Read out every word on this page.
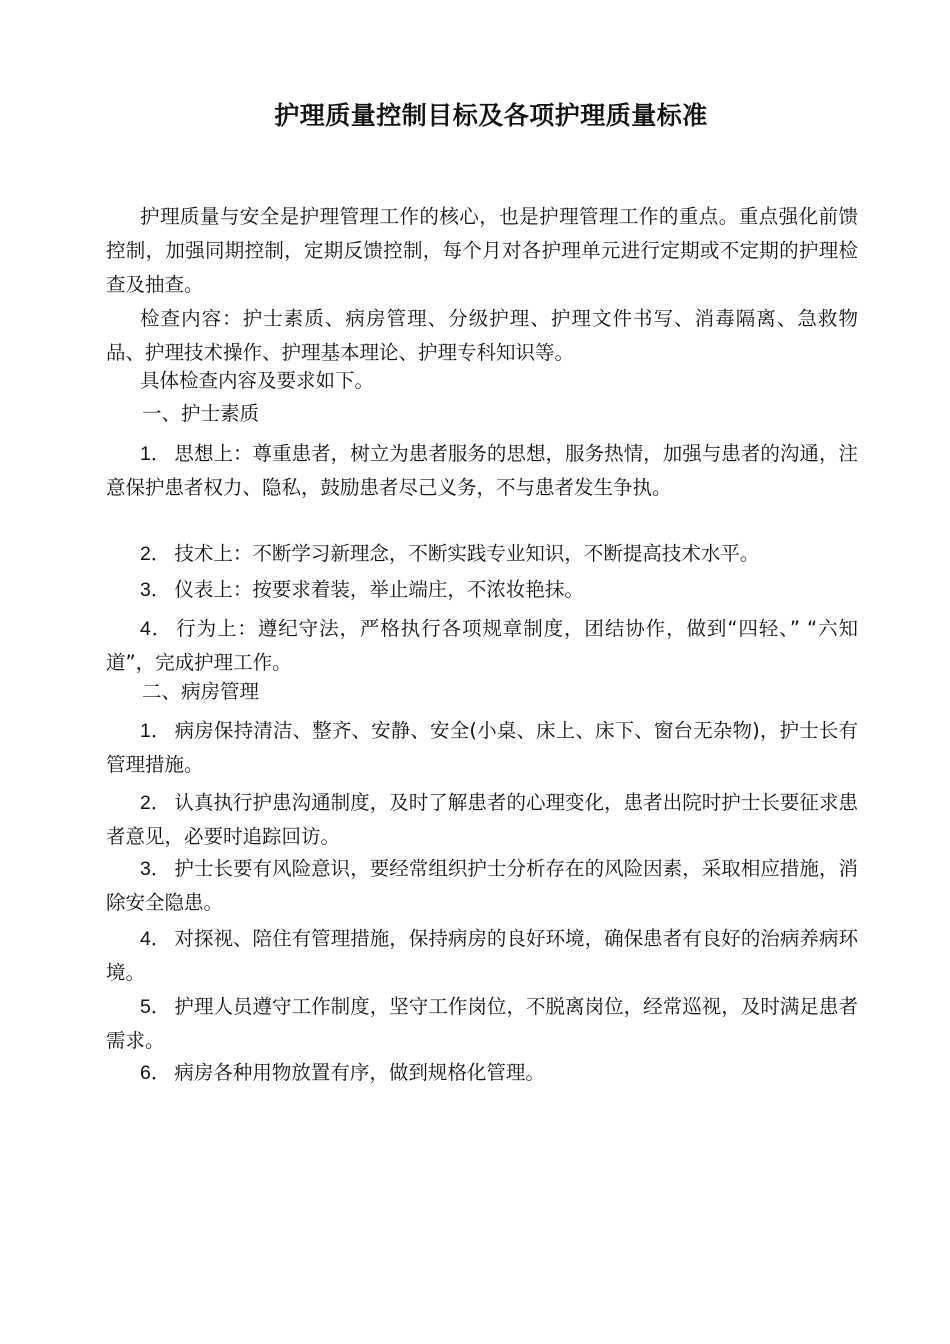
护理质量控制目标及各项护理质量标准

护理质量与安全是护理管理工作的核心，也是护理管理工作的重点。重点强化前馈控制，加强同期控制，定期反馈控制，每个月对各护理单元进行定期或不定期的护理检查及抽查。

检查内容：护士素质、病房管理、分级护理、护理文件书写、消毒隔离、急救物品、护理技术操作、护理基本理论、护理专科知识等。

具体检查内容及要求如下。

一、护士素质

1． 思想上：尊重患者，树立为患者服务的思想，服务热情，加强与患者的沟通，注意保护患者权力、隐私，鼓励患者尽己义务，不与患者发生争执。

2． 技术上：不断学习新理念，不断实践专业知识，不断提高技术水平。

3． 仪表上：按要求着装，举止端庄，不浓妆艳抹。

4． 行为上：遵纪守法，严格执行各项规章制度，团结协作，做到“四轻、” “六知道”，完成护理工作。

二、病房管理

1． 病房保持清洁、整齐、安静、安全(小桌、床上、床下、窗台无杂物)，护士长有管理措施。

2． 认真执行护患沟通制度，及时了解患者的心理变化，患者出院时护士长要征求患者意见，必要时追踪回访。

3． 护士长要有风险意识，要经常组织护士分析存在的风险因素，采取相应措施，消除安全隐患。

4． 对探视、陪住有管理措施，保持病房的良好环境，确保患者有良好的治病养病环境。

5． 护理人员遵守工作制度，坚守工作岗位，不脱离岗位，经常巡视，及时满足患者需求。

6． 病房各种用物放置有序，做到规格化管理。
